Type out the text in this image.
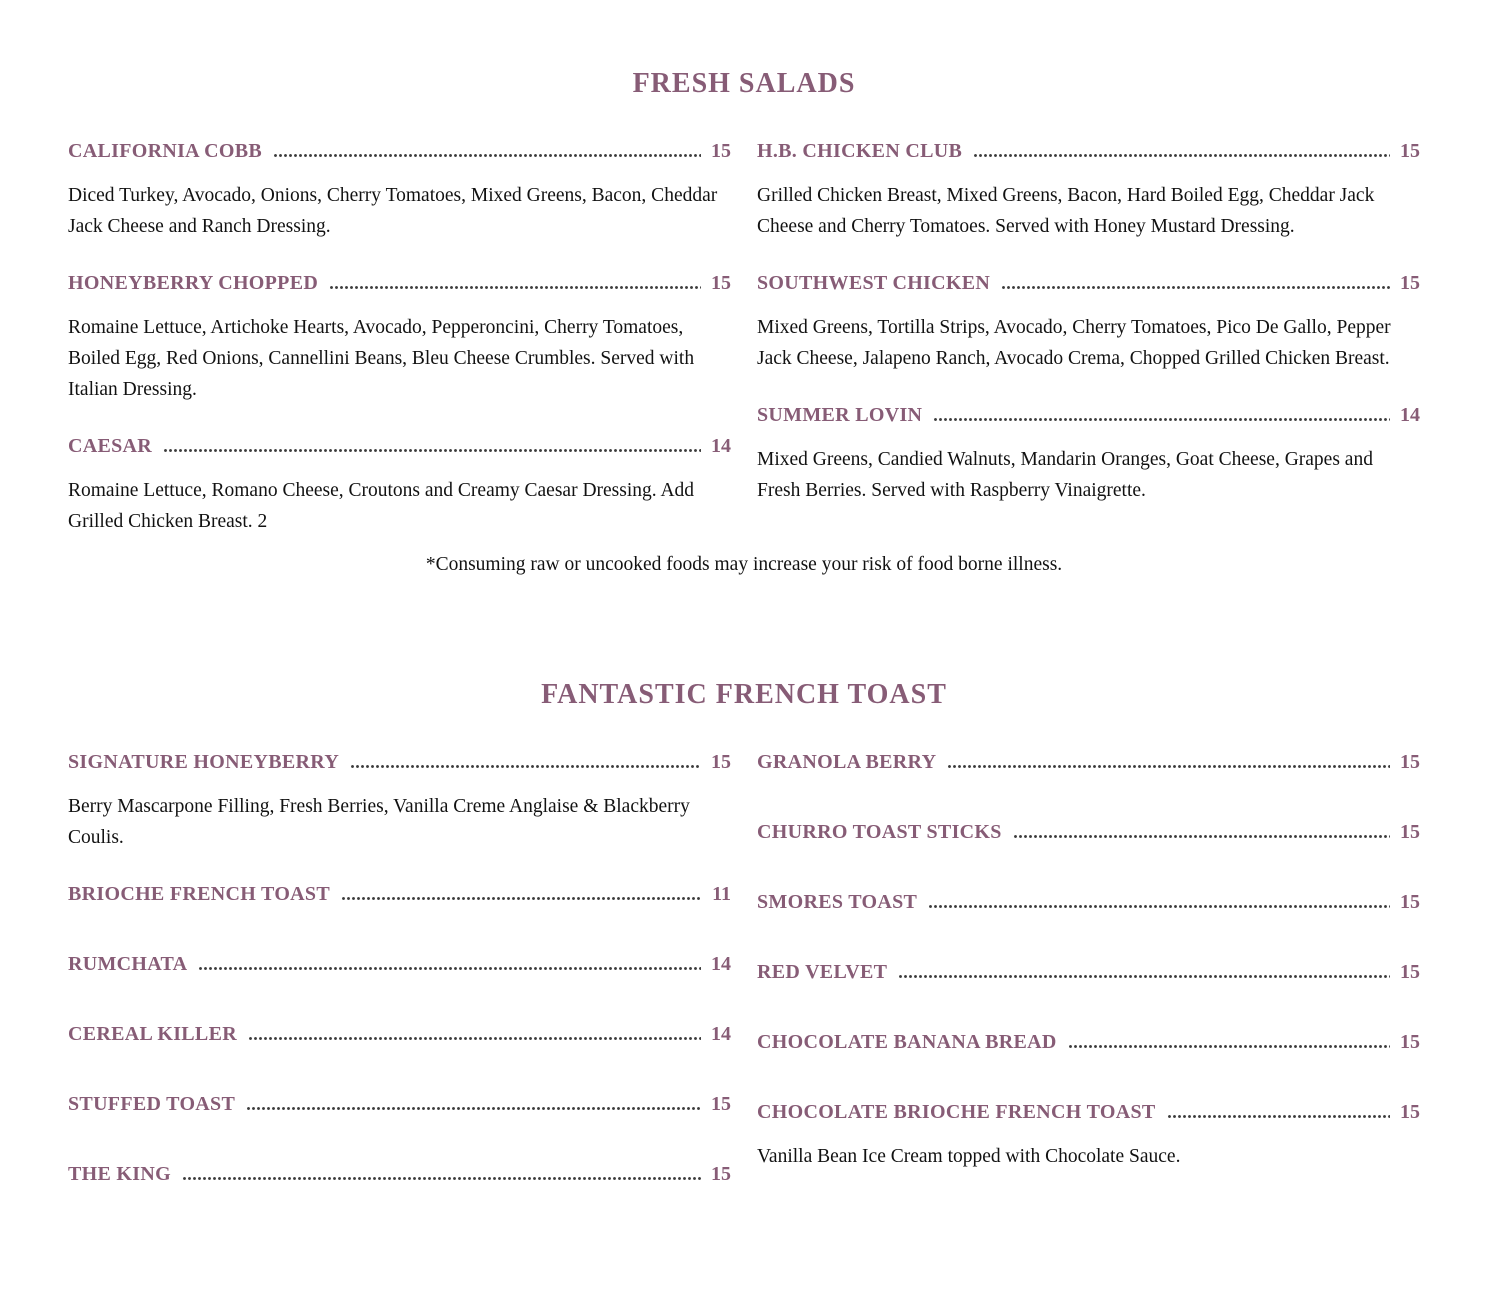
FRESH SALADS
CALIFORNIA COBB	15

Diced Turkey, Avocado, Onions, Cherry Tomatoes, Mixed Greens, Bacon, Cheddar Jack Cheese and Ranch Dressing.

HONEYBERRY CHOPPED	15

Romaine Lettuce, Artichoke Hearts, Avocado, Pepperoncini, Cherry Tomatoes, Boiled Egg, Red Onions, Cannellini Beans, Bleu Cheese Crumbles. Served with Italian Dressing.

CAESAR	14

Romaine Lettuce, Romano Cheese, Croutons and Creamy Caesar Dressing. Add Grilled Chicken Breast. 2

H.B. CHICKEN CLUB	15

Grilled Chicken Breast, Mixed Greens, Bacon, Hard Boiled Egg, Cheddar Jack Cheese and Cherry Tomatoes. Served with Honey Mustard Dressing.

SOUTHWEST CHICKEN	15

Mixed Greens, Tortilla Strips, Avocado, Cherry Tomatoes, Pico De Gallo, Pepper Jack Cheese, Jalapeno Ranch, Avocado Crema, Chopped Grilled Chicken Breast.

SUMMER LOVIN	14

Mixed Greens, Candied Walnuts, Mandarin Oranges, Goat Cheese, Grapes and Fresh Berries. Served with Raspberry Vinaigrette.

*Consuming raw or uncooked foods may increase your risk of food borne illness.

FANTASTIC FRENCH TOAST
SIGNATURE HONEYBERRY	15

Berry Mascarpone Filling, Fresh Berries, Vanilla Creme Anglaise & Blackberry Coulis.

BRIOCHE FRENCH TOAST	11
RUMCHATA	14
CEREAL KILLER	14
STUFFED TOAST	15
THE KING	15
GRANOLA BERRY	15
CHURRO TOAST STICKS	15
SMORES TOAST	15
RED VELVET	15
CHOCOLATE BANANA BREAD	15
CHOCOLATE BRIOCHE FRENCH TOAST	15

Vanilla Bean Ice Cream topped with Chocolate Sauce.
